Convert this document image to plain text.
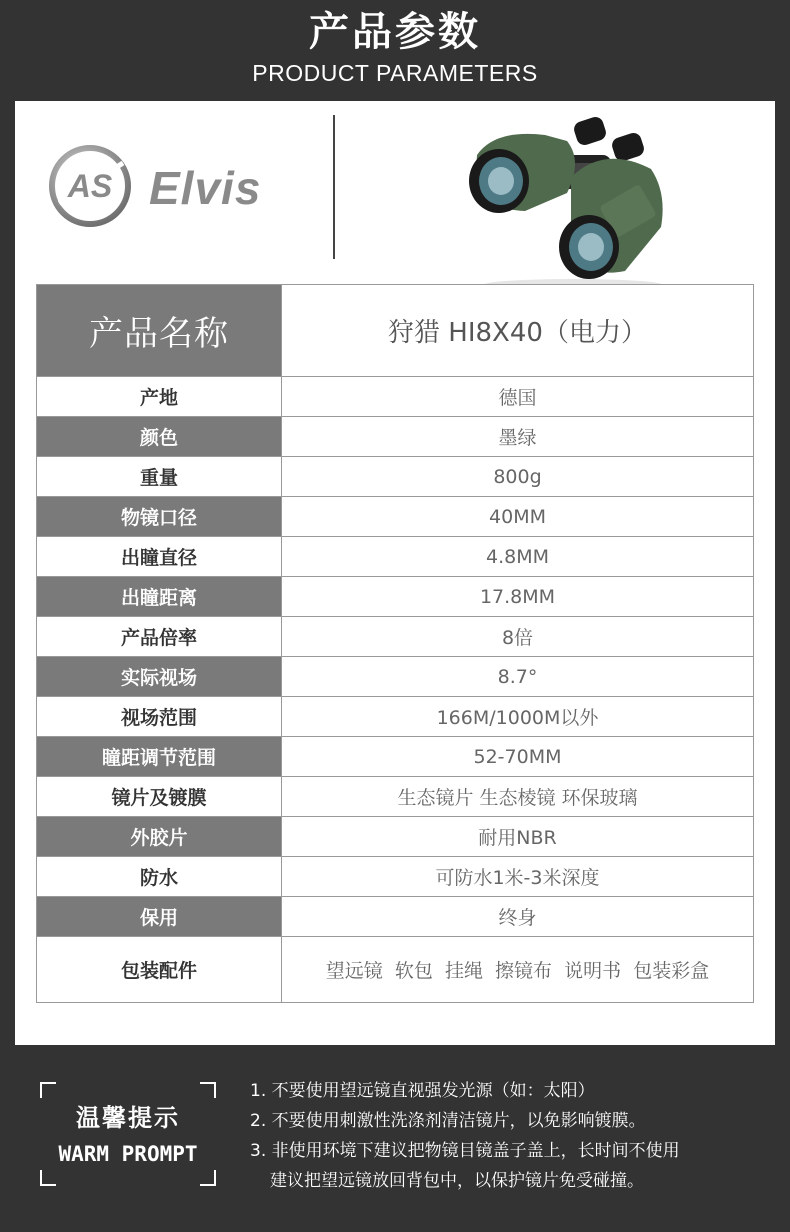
产品参数
PRODUCT PARAMETERS
AS Elvis
产品名称	狩猎 HI8X40（电力）
产地	德国
颜色	墨绿
重量	800g
物镜口径	40MM
出瞳直径	4.8MM
出瞳距离	17.8MM
产品倍率	8倍
实际视场	8.7°
视场范围	166M/1000M以外
瞳距调节范围	52-70MM
镜片及镀膜	生态镜片 生态棱镜 环保玻璃
外胶片	耐用NBR
防水	可防水1米-3米深度
保用	终身
包装配件	望远镜  软包  挂绳  擦镜布  说明书  包装彩盒
温馨提示
WARM PROMPT
1. 不要使用望远镜直视强发光源（如：太阳）
2. 不要使用刺激性洗涤剂清洁镜片，以免影响镀膜。
3. 非使用环境下建议把物镜目镜盖子盖上，长时间不使用
建议把望远镜放回背包中，以保护镜片免受碰撞。
